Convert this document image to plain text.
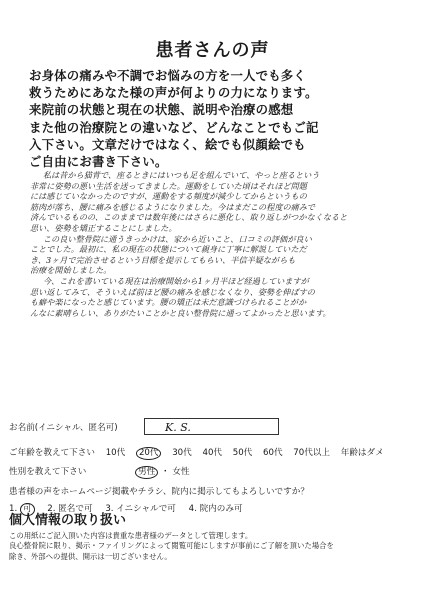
患者さんの声
お身体の痛みや不調でお悩みの方を一人でも多く
救うためにあなた様の声が何よりの力になります。
来院前の状態と現在の状態、説明や治療の感想
また他の治療院との違いなど、どんなことでもご記
入下さい。文章だけではなく、絵でも似顔絵でも
ご自由にお書き下さい。
私は昔から猫背で、座るときにはいつも足を組んでいて、やっと座るという
非常に姿勢の悪い生活を送ってきました。運動をしていた頃はそれほど問題
には感じていなかったのですが、運動をする頻度が減少してからというもの
筋肉が落ち、腰に痛みを感じるようになりました。今はまだこの程度の痛みで
済んでいるものの、このままでは数年後にはさらに悪化し、取り返しがつかなくなると
思い、姿勢を矯正することにしました。
この良い整骨院に通うきっかけは、家から近いこと、口コミの評価が良い
ことでした。最初に、私の現在の状態について親身に丁寧に解説していただ
き、3ヶ月で完治させるという目標を提示してもらい、半信半疑ながらも
治療を開始しました。
今、これを書いている現在は治療開始から1ヶ月半ほど経過していますが
思い返してみて、そういえば前ほど腰の痛みを感じなくなり、姿勢を伸ばすの
も癖や楽になったと感じています。腰の矯正は未だ意識づけられることがか
んなに素晴らしい、ありがたいことかと良い整骨院に通ってよかったと思います。
お名前(イニシャル、匿名可)	K. S.
ご年齢を教えて下さい 10代 20代 30代 40代 50代 60代 70代以上 年齢はダメ
性別を教えて下さい	男性 ・ 女性
患者様の声をホームページ掲載やチラシ、院内に掲示してもよろしいですか？
1. 可 2. 匿名で可 3. イニシャルで可 4. 院内のみ可
個人情報の取り扱い
この用紙にご記入頂いた内容は貴重な患者様のデータとして管理します。
良心整骨院に限り、掲示・ファイリングによって閲覧可能にしますが事前にご了解を頂いた場合を
除き、外部への提供、開示は一切ございません。
